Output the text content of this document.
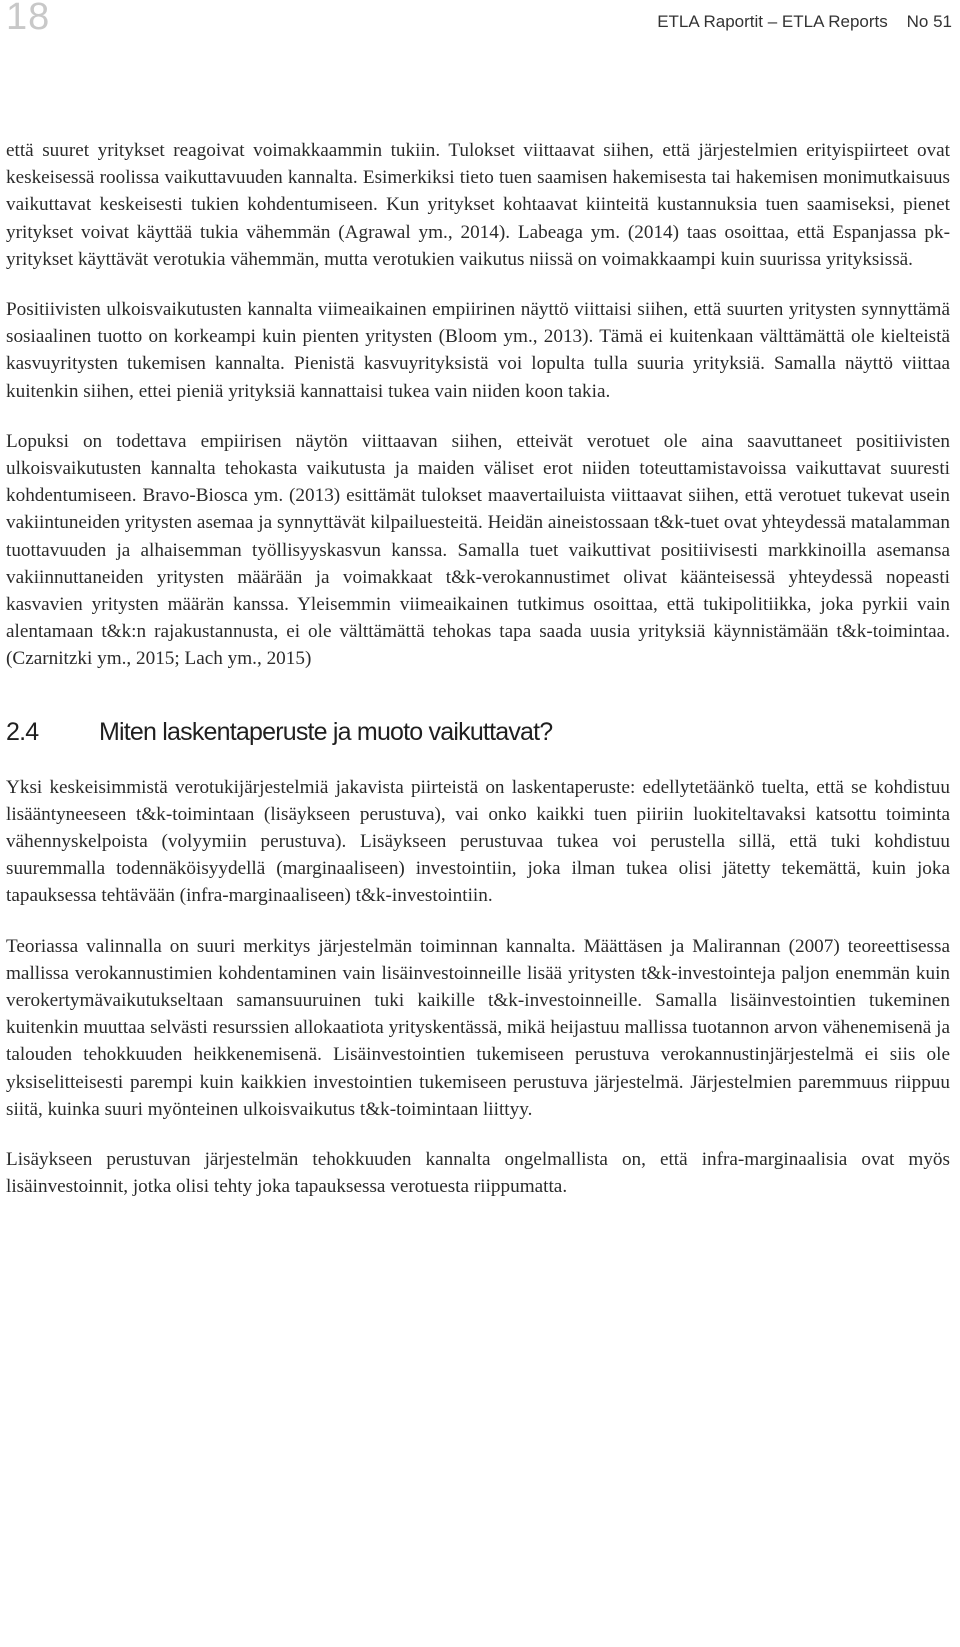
18	ETLA Raportit – ETLA Reports    No 51

että suuret yritykset reagoivat voimakkaammin tukiin. Tulokset viittaavat siihen, että järjestelmien erityispiirteet ovat keskeisessä roolissa vaikuttavuuden kannalta. Esimerkiksi tieto tuen saamisen hakemisesta tai hakemisen monimutkaisuus vaikuttavat keskeisesti tukien kohdentumiseen. Kun yritykset kohtaavat kiinteitä kustannuksia tuen saamiseksi, pienet yritykset voivat käyttää tukia vähemmän (Agrawal ym., 2014). Labeaga ym. (2014) taas osoittaa, että Espanjassa pk-yritykset käyttävät verotukia vähemmän, mutta verotukien vaikutus niissä on voimakkaampi kuin suurissa yrityksissä.

Positiivisten ulkoisvaikutusten kannalta viimeaikainen empiirinen näyttö viittaisi siihen, että suurten yritysten synnyttämä sosiaalinen tuotto on korkeampi kuin pienten yritysten (Bloom ym., 2013). Tämä ei kuitenkaan välttämättä ole kielteistä kasvuyritysten tukemisen kannalta. Pienistä kasvuyrityksistä voi lopulta tulla suuria yrityksiä. Samalla näyttö viittaa kuitenkin siihen, ettei pieniä yrityksiä kannattaisi tukea vain niiden koon takia.

Lopuksi on todettava empiirisen näytön viittaavan siihen, etteivät verotuet ole aina saavuttaneet positiivisten ulkoisvaikutusten kannalta tehokasta vaikutusta ja maiden väliset erot niiden toteuttamistavoissa vaikuttavat suuresti kohdentumiseen. Bravo-Biosca ym. (2013) esittämät tulokset maavertailuista viittaavat siihen, että verotuet tukevat usein vakiintuneiden yritysten asemaa ja synnyttävät kilpailuesteitä. Heidän aineistossaan t&k-tuet ovat yhteydessä matalamman tuottavuuden ja alhaisemman työllisyyskasvun kanssa. Samalla tuet vaikuttivat positiivisesti markkinoilla asemansa vakiinnuttaneiden yritysten määrään ja voimakkaat t&k-verokannustimet olivat käänteisessä yhteydessä nopeasti kasvavien yritysten määrän kanssa. Yleisemmin viimeaikainen tutkimus osoittaa, että tukipolitiikka, joka pyrkii vain alentamaan t&k:n rajakustannusta, ei ole välttämättä tehokas tapa saada uusia yrityksiä käynnistämään t&k-toimintaa. (Czarnitzki ym., 2015; Lach ym., 2015)

2.4 Miten laskentaperuste ja muoto vaikuttavat?

Yksi keskeisimmistä verotukijärjestelmiä jakavista piirteistä on laskentaperuste: edellytetäänkö tuelta, että se kohdistuu lisääntyneeseen t&k-toimintaan (lisäykseen perustuva), vai onko kaikki tuen piiriin luokiteltavaksi katsottu toiminta vähennyskelpoista (volyymiin perustuva). Lisäykseen perustuvaa tukea voi perustella sillä, että tuki kohdistuu suuremmalla todennäköisyydellä (marginaaliseen) investointiin, joka ilman tukea olisi jätetty tekemättä, kuin joka tapauksessa tehtävään (infra-marginaaliseen) t&k-investointiin.

Teoriassa valinnalla on suuri merkitys järjestelmän toiminnan kannalta. Määttäsen ja Malirannan (2007) teoreettisessa mallissa verokannustimien kohdentaminen vain lisäinvestoinneille lisää yritysten t&k-investointeja paljon enemmän kuin verokertymävaikutukseltaan samansuuruinen tuki kaikille t&k-investoinneille. Samalla lisäinvestointien tukeminen kuitenkin muuttaa selvästi resurssien allokaatiota yrityskentässä, mikä heijastuu mallissa tuotannon arvon vähenemisenä ja talouden tehokkuuden heikkenemisenä. Lisäinvestointien tukemiseen perustuva verokannustinjärjestelmä ei siis ole yksiselitteisesti parempi kuin kaikkien investointien tukemiseen perustuva järjestelmä. Järjestelmien paremmuus riippuu siitä, kuinka suuri myönteinen ulkoisvaikutus t&k-toimintaan liittyy.

Lisäykseen perustuvan järjestelmän tehokkuuden kannalta ongelmallista on, että infra-marginaalisia ovat myös lisäinvestoinnit, jotka olisi tehty joka tapauksessa verotuesta riippumatta.
